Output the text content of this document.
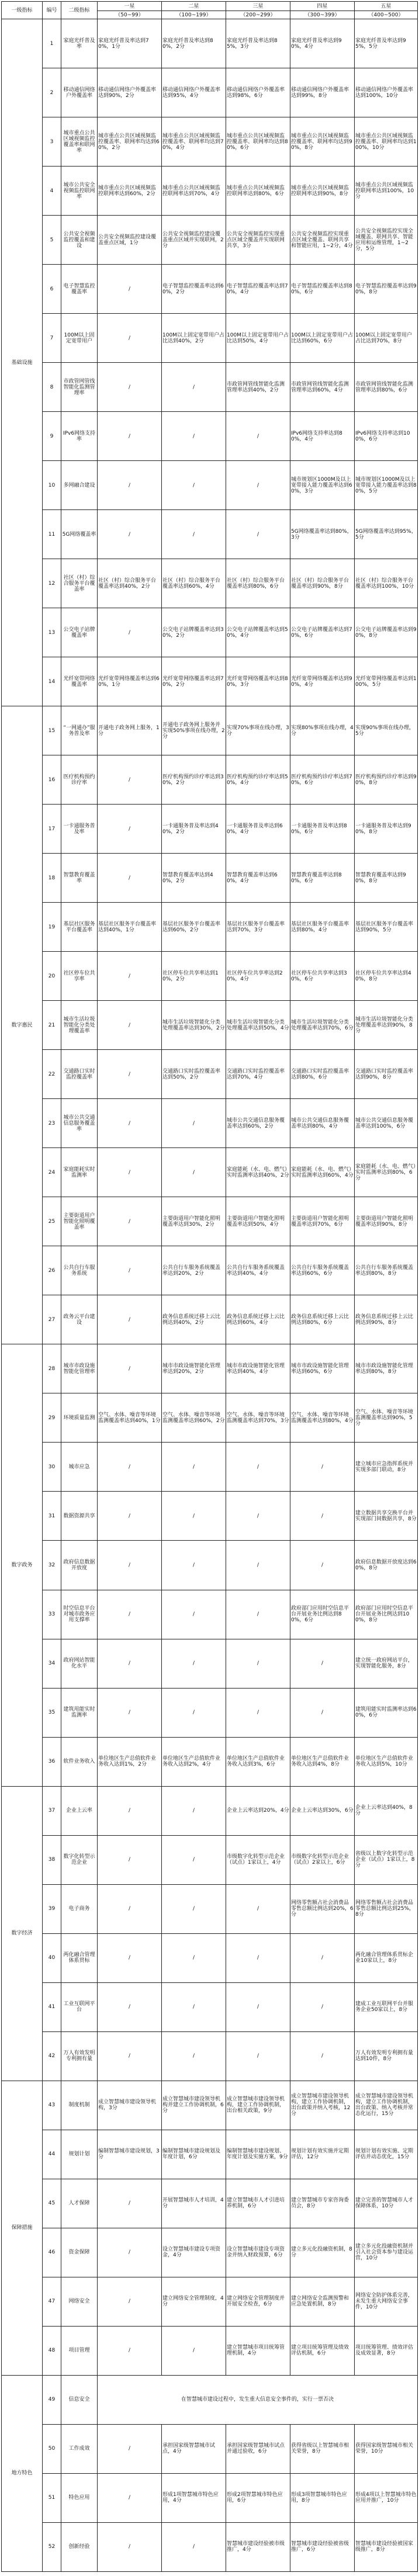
一级指标	编号	二级指标	一星	二星	三星	四星	五星
			（50~99）	（100~199）	（200~299）	（300~399）	（400~500）
基础设施	1	家庭光纤普及率	家庭光纤普及率达到70%，1分	家庭光纤普及率达到80%，2分	家庭光纤普及率达到85%，3分	家庭光纤普及率达到90%，4分	家庭光纤普及率达到95%，5分
	2	移动通信网络户外覆盖率	移动通信网络户外覆盖率达到90%，2分	移动通信网络户外覆盖率达到95%，4分	移动通信网络户外覆盖率达到98%，6分	移动通信网络户外覆盖率达到99%，8分	移动通信网络户外覆盖率达到100%，10分
	3	城市重点公共区域视频监控覆盖率和联网率	城市重点公共区域视频监控覆盖率、联网率均达到60%，2分	城市重点公共区域视频监控覆盖率、联网率均达到70%，4分	城市重点公共区域视频监控覆盖率、联网率均达到80%，6分	城市重点公共区域视频监控覆盖率、联网率均达到90%，8分	城市重点公共区域视频监控覆盖率、联网率均达到100%，10分
	4	城市公共安全视频监控联网率	城市重点公共区域视频监控联网率达到60%，2分	城市重点公共区域视频监控联网率达到70%，4分	城市重点公共区域视频监控联网率达到80%，6分	城市重点公共区域视频监控联网率达到90%，8分	城市重点公共区域视频监控联网率达到100%，10分
	5	公共安全视频监控覆盖和建设	公共安全视频监控建设覆盖重点区域，1分	公共安全视频监控建设覆盖重点区域并实现联网，2分	公共安全视频监控实现重点区域全覆盖并实现联网共享，3分	公共安全视频监控实现重点区域全覆盖、联网共享和智能应用，1~2分，4分	公共安全视频监控实现全域覆盖、联网共享、智能应用和运维管理，1~2分，5分
	6	电子智慧监控覆盖率	/	电子智慧监控覆盖率达到60%，2分	电子智慧监控覆盖率达到70%，4分	电子智慧监控覆盖率达到80%，6分	电子智慧监控覆盖率达到90%，8分
	7	100M以上固定宽带用户	/	100M以上固定宽带用户占比达到40%，2分	100M以上固定宽带用户占比达到50%，4分	100M以上固定宽带用户占比达到60%，6分	100M以上固定宽带用户占比达到70%，8分
	8	市政管网管线智能化监测管理率	/	/	市政管网管线智能化监测管理率达到40%，2分	市政管网管线智能化监测管理率达到60%，4分	市政管网管线智能化监测管理率达到80%，6分
	9	IPv6网络支持率	/	/	/	IPv6网络支持率达到80%，4分	IPv6网络支持率达到100%，6分
	10	多网融合建设	/	/	/	城市规划区1000M及以上宽带接入能力覆盖率达到60%，3分	城市规划区1000M及以上宽带接入能力覆盖率达到80%，5分
	11	5G网络覆盖率	/	/	/	5G网络覆盖率达到80%，3分	5G网络覆盖率达到95%，5分
	12	社区（村）综合服务平台覆盖率	社区（村）综合服务平台覆盖率达到40%，2分	社区（村）综合服务平台覆盖率达到60%，4分	社区（村）综合服务平台覆盖率达到80%，6分	社区（村）综合服务平台覆盖率达到90%，8分	社区（村）综合服务平台覆盖率达到100%，10分
	13	公交电子站牌覆盖率	/	公交电子站牌覆盖率达到30%，2分	公交电子站牌覆盖率达到50%，4分	公交电子站牌覆盖率达到70%，6分	公交电子站牌覆盖率达到90%，8分
	14	光纤宽带网络覆盖率	光纤宽带网络覆盖率达到60%，1分	光纤宽带网络覆盖率达到70%，2分	光纤宽带网络覆盖率达到80%，3分	光纤宽带网络覆盖率达到90%，4分	光纤宽带网络覆盖率达到100%，5分
数字惠民	15	“一网通办”服务普及率	开通电子政务网上服务，1分	开通电子政务网上服务并实现50%事项在线办理，2分	实现70%事项在线办理，3分	实现80%事项在线办理，4分	实现90%事项在线办理，5分
	16	医疗机构预约诊疗率	/	医疗机构预约诊疗率达到30%，2分	医疗机构预约诊疗率达到50%，4分	医疗机构预约诊疗率达到70%，6分	医疗机构预约诊疗率达到90%，8分
	17	一卡通服务普及率	/	一卡通服务普及率达到40%，2分	一卡通服务普及率达到60%，4分	一卡通服务普及率达到80%，6分	一卡通服务普及率达到90%，8分
	18	智慧教育覆盖率	/	智慧教育覆盖率达到40%，2分	智慧教育覆盖率达到60%，4分	智慧教育覆盖率达到80%，6分	智慧教育覆盖率达到90%，8分
	19	基层社区服务平台覆盖率	基层社区服务平台覆盖率达到40%，1分	基层社区服务平台覆盖率达到60%，2分	基层社区服务平台覆盖率达到70%，3分	基层社区服务平台覆盖率达到80%，4分	基层社区服务平台覆盖率达到90%，5分
	20	社区停车位共享率	/	社区停车位共享率达到10%，2分	社区停车位共享率达到20%，4分	社区停车位共享率达到30%，6分	社区停车位共享率达到40%，8分
	21	城市生活垃圾智能化分类处理覆盖率	/	城市生活垃圾智能化分类处理覆盖率达到30%，2分	城市生活垃圾智能化分类处理覆盖率达到50%，4分	城市生活垃圾智能化分类处理覆盖率达到70%，6分	城市生活垃圾智能化分类处理覆盖率达到90%，8分
	22	交通路口实时监控覆盖率	/	交通路口实时监控覆盖率达到50%，2分	交通路口实时监控覆盖率达到70%，4分	交通路口实时监控覆盖率达到80%，6分	交通路口实时监控覆盖率达到90%，8分
	23	城市公共交通信息服务覆盖率	/	/	城市公共交通信息服务覆盖率达到60%，2分	城市公共交通信息服务覆盖率达到80%，4分	城市公共交通信息服务覆盖率达到100%，6分
	24	家庭能耗实时监测率	/	/	家庭能耗（水、电、燃气）实时监测率达到40%，2分	家庭能耗（水、电、燃气）实时监测率达到60%，4分	家庭能耗（水、电、燃气）实时监测率达到80%，6分
	25	主要街道用户智能化照明覆盖率	/	主要街道用户智能化照明覆盖率达到30%，2分	主要街道用户智能化照明覆盖率达到50%，4分	主要街道用户智能化照明覆盖率达到70%，6分	主要街道用户智能化照明覆盖率达到90%，8分
	26	公共自行车服务系统	/	公共自行车服务系统覆盖率达到20%，2分	公共自行车服务系统覆盖率达到40%，4分	公共自行车服务系统覆盖率达到60%，6分	公共自行车服务系统覆盖率达到80%，8分
	27	政务云平台建设	/	政务信息系统迁移上云比例达到40%，2分	政务信息系统迁移上云比例达到60%，4分	政务信息系统迁移上云比例达到80%，6分	政务信息系统迁移上云比例达到90%，8分
数字政务	28	城市市政设施智能化管理率	/	城市市政设施智能化管理率达到20%，2分	城市市政设施智能化管理率达到40%，4分	城市市政设施智能化管理率达到60%，6分	城市市政设施智能化管理率达到80%，8分
	29	环境质量监测	空气、水体、噪音等环境监测覆盖率达到40%，1分	空气、水体、噪音等环境监测覆盖率达到60%，2分	空气、水体、噪音等环境监测覆盖率达到70%，3分	空气、水体、噪音等环境监测覆盖率达到80%，4分	空气、水体、噪音等环境监测覆盖率达到90%，5分
	30	城市应急	/	/	/	/	建立城市应急指挥系统并实现多部门联动，8分
	31	数据资源共享	/	/	/	/	建立数据共享交换平台并实现部门间数据共享，8分
	32	政府信息数据开放度	/	/	/	/	政府信息数据开放度达到60%，8分
	33	时空信息平台对城市政务应用支撑率	/	/	/	政府部门应用时空信息平台开展业务比例达到80%，6分	政府部门应用时空信息平台开展业务比例达到100%，8分
	34	政府网站智能化水平	/	/	/	/	建立统一政府网站平台，实现智能化服务，8分
	35	建筑用能实时监测率	/	/	/	/	建筑用能实时监测率达到60%，6分
	36	软件业务收入	单位地区生产总值软件业务收入达到1%，2分	单位地区生产总值软件业务收入达到2%，4分	单位地区生产总值软件业务收入达到3%，6分	单位地区生产总值软件业务收入达到4%，8分	单位地区生产总值软件业务收入达到5%，10分
数字经济	37	企业上云率	/	/	企业上云率达到20%，4分	企业上云率达到30%，6分	企业上云率达到40%，8分
	38	数字化转型示范企业	/	/	市级数字化转型示范企业（试点）1家以上，4分	市级数字化转型示范企业（试点）2家以上，6分	省级以上数字化转型示范企业（试点）1家以上，8分
	39	电子商务	/	/	/	网络零售额占社会消费品零售总额比例达到20%，6分	网络零售额占社会消费品零售总额比例达到25%，8分
	40	两化融合管理体系贯标	/	/	/	/	两化融合管理体系贯标企业10家以上，8分
	41	工业互联网平台	/	/	/	/	建成工业互联网平台并服务企业50家以上，8分
	42	万人有效发明专利拥有量	/	/	/	/	万人有效发明专利拥有量达到10件，8分
保障措施	43	制度机制	成立智慧城市建设领导机构，3分	成立智慧城市建设领导机构并建立工作协调机制，6分	成立智慧城市建设领导机构，建立工作协调机制，出台相关政策，9分	成立智慧城市建设领导机构，建立工作协调机制，出台政策并纳入考核，12分	成立智慧城市建设领导机构，建立工作协调机制，出台政策、纳入考核并常态化运行，15分
	44	规划计划	编制智慧城市建设规划，3分	编制智慧城市建设规划及年度计划，6分	编制智慧城市建设规划、年度计划及实施方案，9分	规划计划有效实施并定期评估，12分	规划计划有效实施、定期评估并动态优化，15分
	45	人才保障	/	开展智慧城市人才培训，4分	建立智慧城市人才引进培养机制，6分	建立智慧城市专家咨询委员会，8分	建立完善的智慧城市人才保障体系，10分
	46	资金保障	/	设立智慧城市建设专项资金，4分	设立智慧城市建设专项资金并纳入财政预算，6分	建立多元化投融资机制，8分	建立多元化投融资机制并引入社会资本参与建设运营，10分
	47	网络安全	/	建立网络安全管理制度，4分	建立网络安全管理制度并开展安全检查，6分	建立网络安全监测预警和应急处置机制，8分	网络安全防护体系完善，未发生重大网络安全事件，10分
	48	项目管理	/	/	建立智慧城市项目统筹管理机制，4分	建立项目统筹管理及绩效评估机制，6分	项目统筹管理、绩效评估及成效显著，8分
地方特色	49	信息安全	在智慧城市建设过程中，发生重大信息安全事件的，实行一票否决				
	50	工作成效	/	承担国家级智慧城市试点，4分	承担国家级智慧城市试点并通过验收，6分	获得省级以上智慧城市相关荣誉，8分	获得国家级智慧城市相关荣誉，10分
	51	特色应用	/	形成1项智慧城市特色应用，4分	形成2项智慧城市特色应用，6分	形成3项智慧城市特色应用，8分	形成4项以上智慧城市特色应用并推广，10分
	52	创新经验	/	/	智慧城市建设经验被市级推广，4分	智慧城市建设经验被省级推广，6分	智慧城市建设经验被国家级推广，8分
